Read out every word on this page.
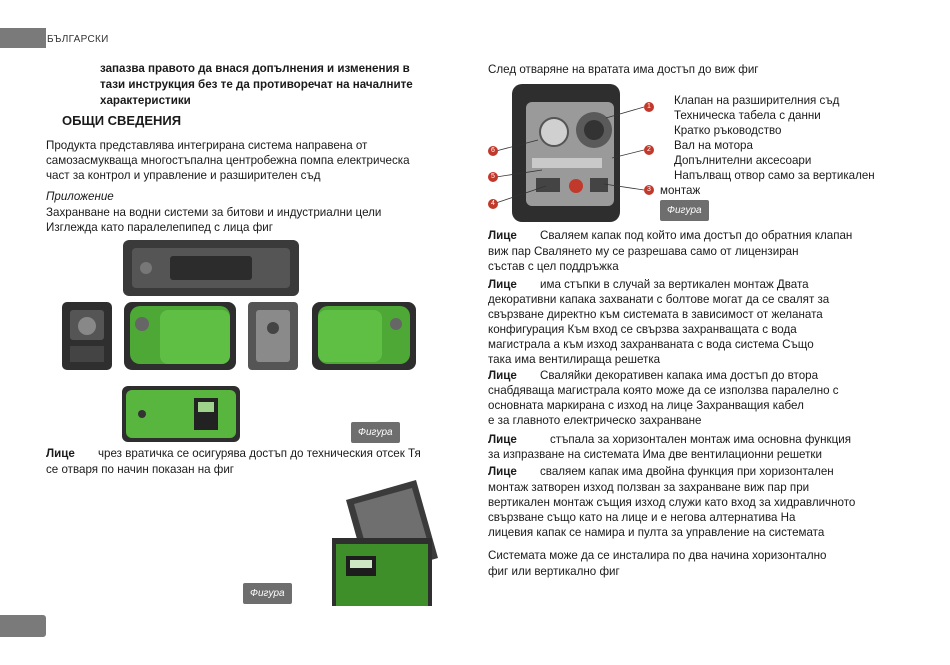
БЪЛГАРСКИ
запазва правото да внася допълнения и изменения в
тази инструкция без те да противоречат на началните
характеристики
ОБЩИ СВЕДЕНИЯ
Продукта представлява интегрирана система направена от
самозасмукваща многостъпална центробежна помпа електрическа
част за контрол и управление и разширителен съд
Приложение
Захранване на водни системи за битови и индустриални цели
Изглежда като паралелепипед с лица фиг
Фигура
Лице чрез вратичка се осигурява достъп до техническия отсек Тя
се отваря по начин показан на фиг
Фигура
След отваряне на вратата има достъп до виж фиг
1
2
3
4
5
6
Клапан на разширителния съд
Техническа табела с данни
Кратко ръководство
Вал на мотора
Допълнителни аксесоари
Напълващ отвор само за вертикален
монтаж
Фигура
Лице Сваляем капак под който има достъп до обратния клапан
виж пар Свалянето му се разрешава само от лицензиран
състав с цел поддръжка
Лице има стъпки в случай за вертикален монтаж Двата
декоративни капака захванати с болтове могат да се свалят за
свързване директно към системата в зависимост от желаната
конфигурация Към вход се свързва захранващата с вода
магистрала а към изход захранваната с вода система Също
така има вентилираща решетка
Лице Сваляйки декоративен капака има достъп до втора
снабдяваща магистрала която може да се използва паралелно с
основната маркирана с изход на лице Захранващия кабел
е за главното електрическо захранване
Лице	стъпала за хоризонтален монтаж има основна функция
за изпразване на системата Има две вентилационни решетки
Лице сваляем капак има двойна функция при хоризонтален
монтаж затворен изход ползван за захранване виж пар при
вертикален монтаж същия изход служи като вход за хидравличното
свързване също като на лице и е негова алтернатива На
лицевия капак се намира и пулта за управление на системата
Системата може да се инсталира по два начина хоризонтално
фиг или вертикално фиг
